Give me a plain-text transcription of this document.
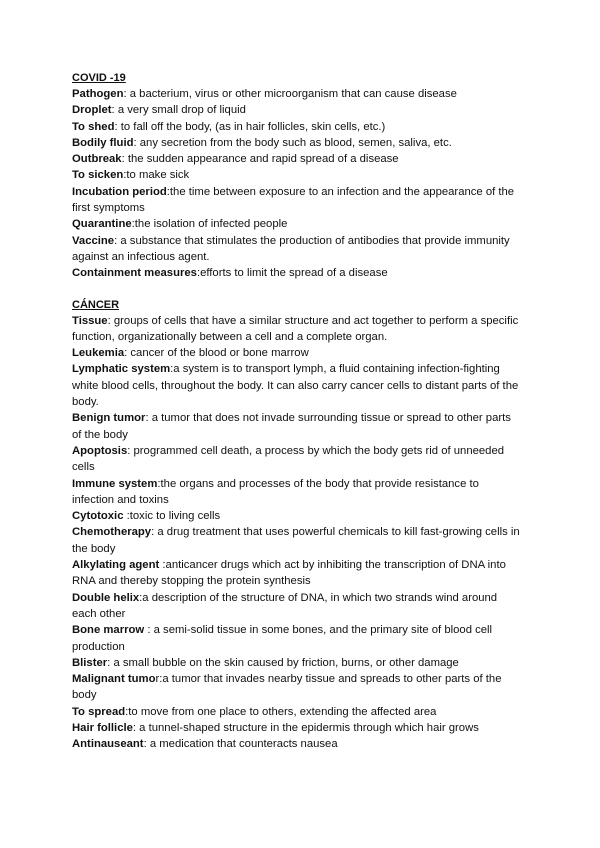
COVID -19
Pathogen: a bacterium, virus or other microorganism that can cause disease
Droplet: a very small drop of liquid
To shed: to fall off the body, (as in hair follicles, skin cells, etc.)
Bodily fluid: any secretion from the body such as blood, semen, saliva, etc.
Outbreak: the sudden appearance and rapid spread of a disease
To sicken:to make sick
Incubation period:the time between exposure to an infection and the appearance of the first symptoms
Quarantine:the isolation of infected people
Vaccine: a substance that stimulates the production of antibodies that provide immunity against an infectious agent.
Containment measures:efforts to limit the spread of a disease
CÁNCER
Tissue: groups of cells that have a similar structure and act together to perform a specific function, organizationally between a cell and a complete organ.
Leukemia: cancer of the blood or bone marrow
Lymphatic system:a system is to transport lymph, a fluid containing infection-fighting white blood cells, throughout the body. It can also carry cancer cells to distant parts of the body.
Benign tumor: a tumor that does not invade surrounding tissue or spread to other parts of the body
Apoptosis: programmed cell death, a process by which the body gets rid of unneeded cells
Immune system:the organs and processes of the body that provide resistance to infection and toxins
Cytotoxic :toxic to living cells
Chemotherapy: a drug treatment that uses powerful chemicals to kill fast-growing cells in the body
Alkylating agent :anticancer drugs which act by inhibiting the transcription of DNA into RNA and thereby stopping the protein synthesis
Double helix:a description of the structure of DNA, in which two strands wind around each other
Bone marrow : a semi-solid tissue in some bones, and the primary site of blood cell production
Blister: a small bubble on the skin caused by friction, burns, or other damage
Malignant tumor:a tumor that invades nearby tissue and spreads to other parts of the body
To spread:to move from one place to others, extending the affected area
Hair follicle: a tunnel-shaped structure in the epidermis through which hair grows
Antinauseant: a medication that counteracts nausea
